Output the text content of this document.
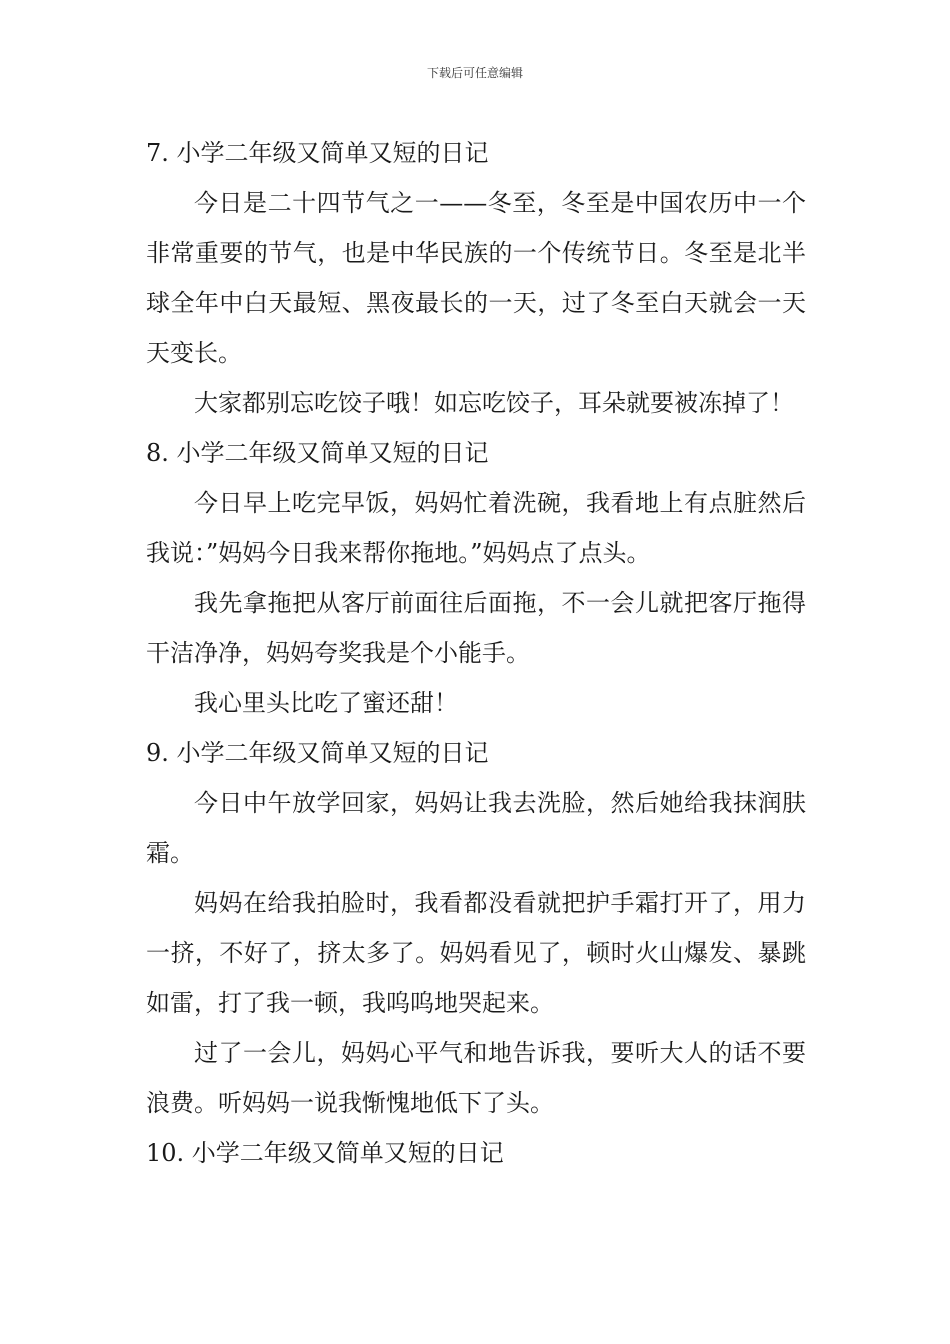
下载后可任意编辑

7. 小学二年级又简单又短的日记

今日是二十四节气之一——冬至，冬至是中国农历中一个非常重要的节气，也是中华民族的一个传统节日。冬至是北半球全年中白天最短、黑夜最长的一天，过了冬至白天就会一天天变长。

大家都别忘吃饺子哦！如忘吃饺子，耳朵就要被冻掉了！

8. 小学二年级又简单又短的日记

今日早上吃完早饭，妈妈忙着洗碗，我看地上有点脏然后我说：”妈妈今日我来帮你拖地。”妈妈点了点头。

我先拿拖把从客厅前面往后面拖，不一会儿就把客厅拖得干洁净净，妈妈夸奖我是个小能手。

我心里头比吃了蜜还甜！

9. 小学二年级又简单又短的日记

今日中午放学回家，妈妈让我去洗脸，然后她给我抹润肤霜。

妈妈在给我拍脸时，我看都没看就把护手霜打开了，用力一挤，不好了，挤太多了。妈妈看见了，顿时火山爆发、暴跳如雷，打了我一顿，我呜呜地哭起来。

过了一会儿，妈妈心平气和地告诉我，要听大人的话不要浪费。听妈妈一说我惭愧地低下了头。

10. 小学二年级又简单又短的日记
